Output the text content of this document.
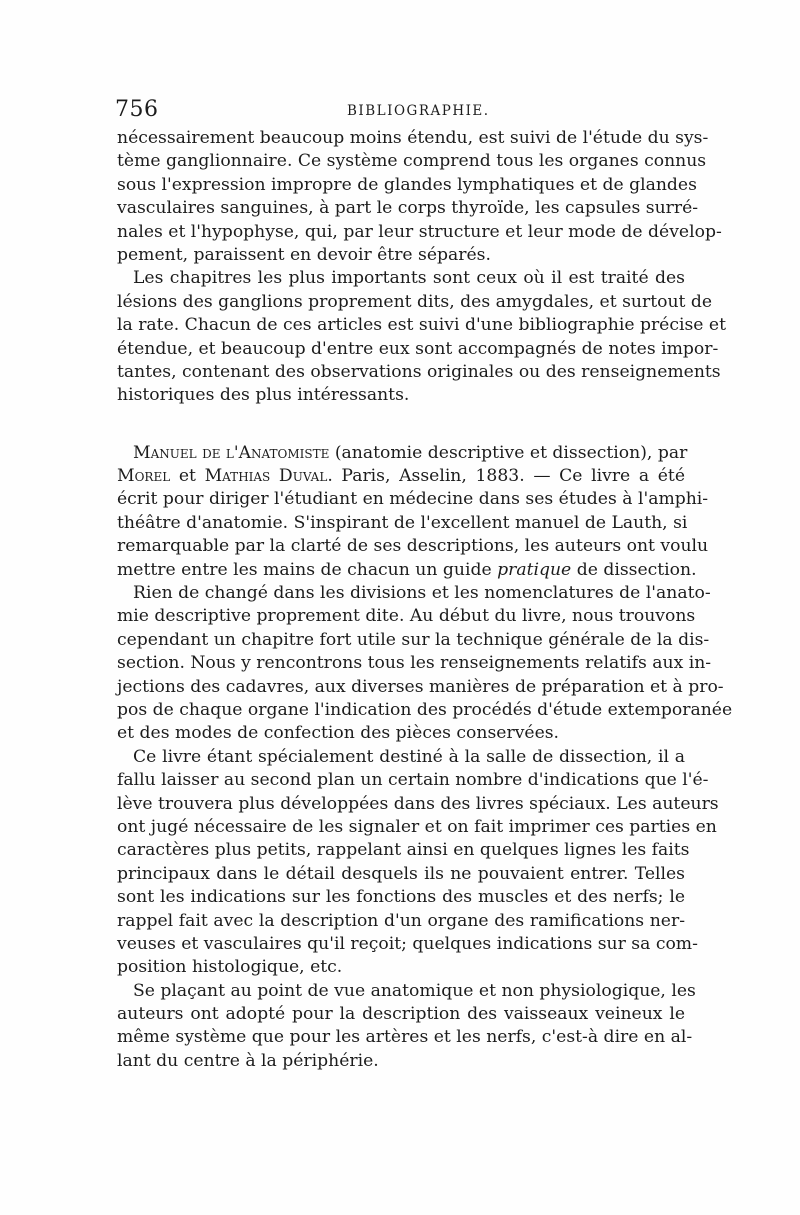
756	BIBLIOGRAPHIE.
nécessairement beaucoup moins étendu, est suivi de l'étude du sys-
tème ganglionnaire. Ce système comprend tous les organes connus
sous l'expression impropre de glandes lymphatiques et de glandes
vasculaires sanguines, à part le corps thyroïde, les capsules surré-
nales et l'hypophyse, qui, par leur structure et leur mode de dévelop-
pement, paraissent en devoir être séparés.
Les chapitres les plus importants sont ceux où il est traité des
lésions des ganglions proprement dits, des amygdales, et surtout de
la rate. Chacun de ces articles est suivi d'une bibliographie précise et
étendue, et beaucoup d'entre eux sont accompagnés de notes impor-
tantes, contenant des observations originales ou des renseignements
historiques des plus intéressants.
Manuel de l'Anatomiste (anatomie descriptive et dissection), par
Morel et Mathias Duval. Paris, Asselin, 1883. — Ce livre a été
écrit pour diriger l'étudiant en médecine dans ses études à l'amphi-
théâtre d'anatomie. S'inspirant de l'excellent manuel de Lauth, si
remarquable par la clarté de ses descriptions, les auteurs ont voulu
mettre entre les mains de chacun un guide pratique de dissection.
Rien de changé dans les divisions et les nomenclatures de l'anato-
mie descriptive proprement dite. Au début du livre, nous trouvons
cependant un chapitre fort utile sur la technique générale de la dis-
section. Nous y rencontrons tous les renseignements relatifs aux in-
jections des cadavres, aux diverses manières de préparation et à pro-
pos de chaque organe l'indication des procédés d'étude extemporanée
et des modes de confection des pièces conservées.
Ce livre étant spécialement destiné à la salle de dissection, il a
fallu laisser au second plan un certain nombre d'indications que l'é-
lève trouvera plus développées dans des livres spéciaux. Les auteurs
ont jugé nécessaire de les signaler et on fait imprimer ces parties en
caractères plus petits, rappelant ainsi en quelques lignes les faits
principaux dans le détail desquels ils ne pouvaient entrer. Telles
sont les indications sur les fonctions des muscles et des nerfs; le
rappel fait avec la description d'un organe des ramifications ner-
veuses et vasculaires qu'il reçoit; quelques indications sur sa com-
position histologique, etc.
Se plaçant au point de vue anatomique et non physiologique, les
auteurs ont adopté pour la description des vaisseaux veineux le
même système que pour les artères et les nerfs, c'est-à dire en al-
lant du centre à la périphérie.
